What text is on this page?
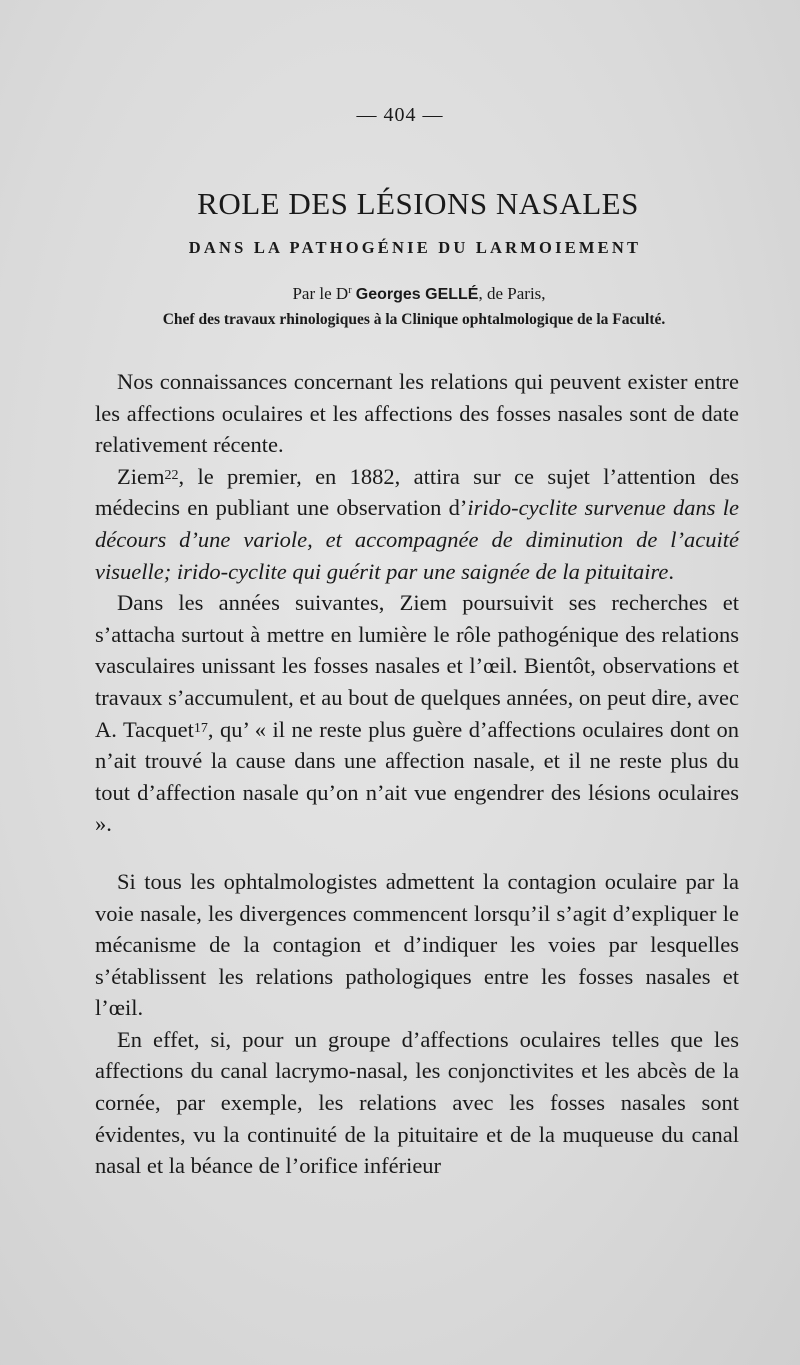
— 404 —
ROLE DES LÉSIONS NASALES
DANS LA PATHOGÉNIE DU LARMOIEMENT
Par le $D^r$ Georges GELLÉ, de Paris,
Chef des travaux rhinologiques à la Clinique ophtalmologique de la Faculté.

Nos connaissances concernant les relations qui peuvent exister entre les affections oculaires et les affections des fosses nasales sont de date relativement récente.

Ziem$^{22}$, le premier, en 1882, attira sur ce sujet l’attention des médecins en publiant une observation d’irido-cyclite survenue dans le décours d’une variole, et accompagnée de diminution de l’acuité visuelle; irido-cyclite qui guérit par une saignée de la pituitaire.

Dans les années suivantes, Ziem poursuivit ses recherches et s’attacha surtout à mettre en lumière le rôle pathogénique des relations vasculaires unissant les fosses nasales et l’œil. Bientôt, observations et travaux s’accumulent, et au bout de quelques années, on peut dire, avec A. Tacquet$^{17}$, qu’ « il ne reste plus guère d’affections oculaires dont on n’ait trouvé la cause dans une affection nasale, et il ne reste plus du tout d’affection nasale qu’on n’ait vue engendrer des lésions oculaires ».

Si tous les ophtalmologistes admettent la contagion oculaire par la voie nasale, les divergences commencent lorsqu’il s’agit d’expliquer le mécanisme de la contagion et d’indiquer les voies par lesquelles s’établissent les relations pathologiques entre les fosses nasales et l’œil.

En effet, si, pour un groupe d’affections oculaires telles que les affections du canal lacrymo-nasal, les conjonctivites et les abcès de la cornée, par exemple, les relations avec les fosses nasales sont évidentes, vu la continuité de la pituitaire et de la muqueuse du canal nasal et la béance de l’orifice inférieur
